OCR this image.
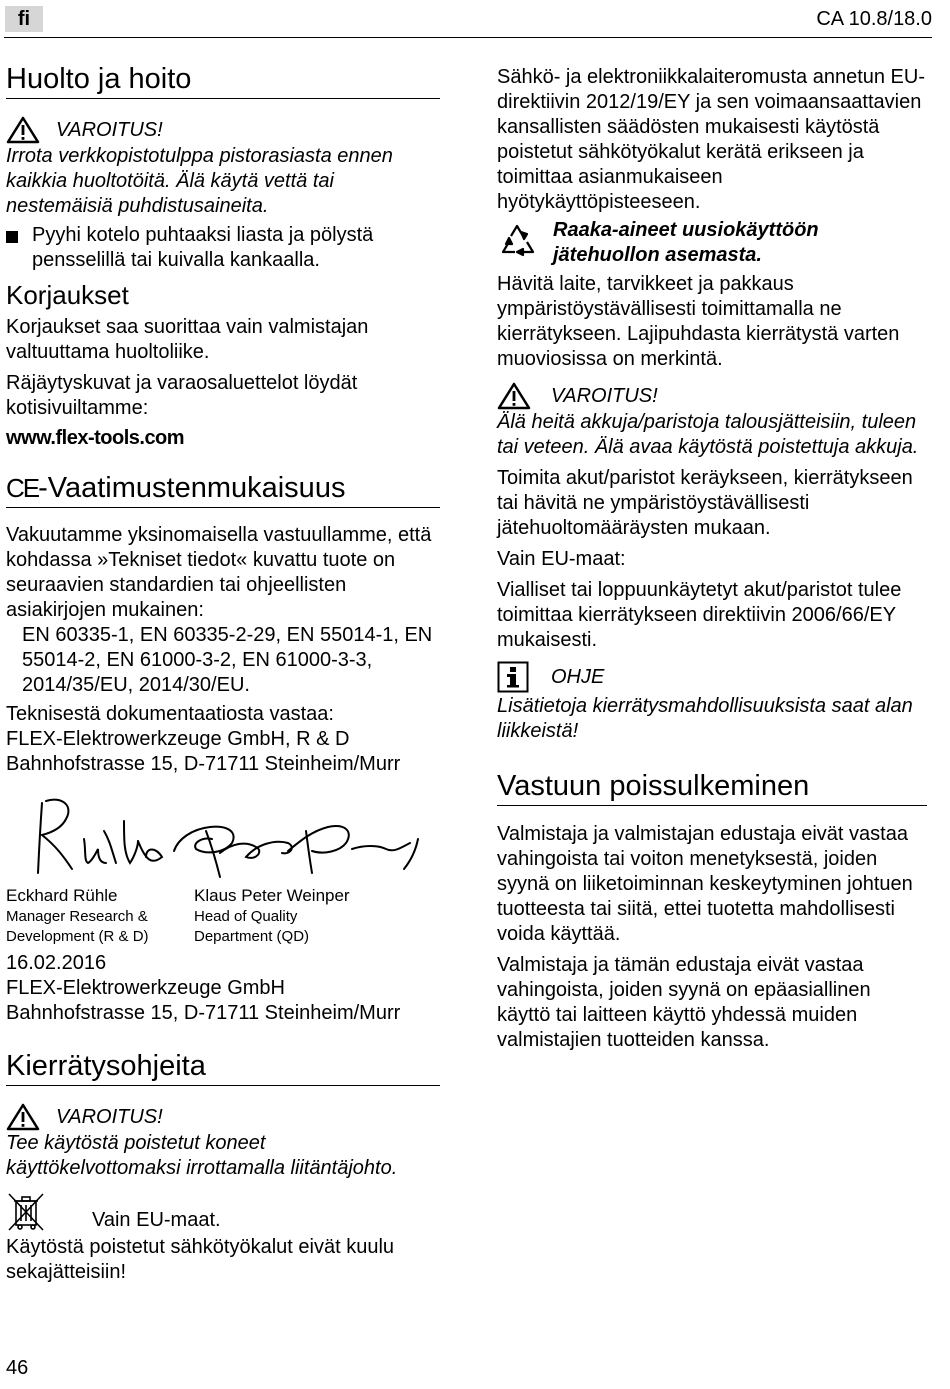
fi	CA 10.8/18.0
Huolto ja hoito
VAROITUS!
Irrota verkkopistotulppa pistorasiasta ennen kaikkia huoltotöitä. Älä käytä vettä tai nestemäisiä puhdistusaineita.
Pyyhi kotelo puhtaaksi liasta ja pölystä pensselillä tai kuivalla kankaalla.
Korjaukset
Korjaukset saa suorittaa vain valmistajan valtuuttama huoltoliike.
Räjäytyskuvat ja varaosaluettelot löydät kotisivuiltamme:
www.flex-tools.com
CE -Vaatimustenmukaisuus
Vakuutamme yksinomaisella vastuullamme, että kohdassa »Tekniset tiedot« kuvattu tuote on seuraavien standardien tai ohjeellisten asiakirjojen mukainen:
EN 60335-1, EN 60335-2-29, EN 55014-1, EN 55014-2, EN 61000-3-2, EN 61000-3-3, 2014/35/EU, 2014/30/EU.
Teknisestä dokumentaatiosta vastaa:
FLEX-Elektrowerkzeuge GmbH, R & D
Bahnhofstrasse 15, D-71711 Steinheim/Murr
Eckhard Rühle
Manager Research & Development (R & D)
Klaus Peter Weinper
Head of Quality Department (QD)
16.02.2016
FLEX-Elektrowerkzeuge GmbH
Bahnhofstrasse 15, D-71711 Steinheim/Murr
Kierrätysohjeita
VAROITUS!
Tee käytöstä poistetut koneet käyttökelvottomaksi irrottamalla liitäntäjohto.
Vain EU-maat.
Käytöstä poistetut sähkötyökalut eivät kuulu sekajätteisiin!
Sähkö- ja elektroniikkalaiteromusta annetun EU-direktiivin 2012/19/EY ja sen voimaansaattavien kansallisten säädösten mukaisesti käytöstä poistetut sähkötyökalut kerätä erikseen ja toimittaa asianmukaiseen hyötykäyttöpisteeseen.
Raaka-aineet uusiokäyttöön jätehuollon asemasta.
Hävitä laite, tarvikkeet ja pakkaus ympäristöystävällisesti toimittamalla ne kierrätykseen. Lajipuhdasta kierrätystä varten muoviosissa on merkintä.
VAROITUS!
Älä heitä akkuja/paristoja talousjätteisiin, tuleen tai veteen. Älä avaa käytöstä poistettuja akkuja.
Toimita akut/paristot keräykseen, kierrätykseen tai hävitä ne ympäristöystävällisesti jätehuoltomääräysten mukaan.
Vain EU-maat:
Vialliset tai loppuunkäytetyt akut/paristot tulee toimittaa kierrätykseen direktiivin 2006/66/EY mukaisesti.
OHJE
Lisätietoja kierrätysmahdollisuuksista saat alan liikkeistä!
Vastuun poissulkeminen
Valmistaja ja valmistajan edustaja eivät vastaa vahingoista tai voiton menetyksestä, joiden syynä on liiketoiminnan keskeytyminen johtuen tuotteesta tai siitä, ettei tuotetta mahdollisesti voida käyttää.
Valmistaja ja tämän edustaja eivät vastaa vahingoista, joiden syynä on epäasiallinen käyttö tai laitteen käyttö yhdessä muiden valmistajien tuotteiden kanssa.
46
